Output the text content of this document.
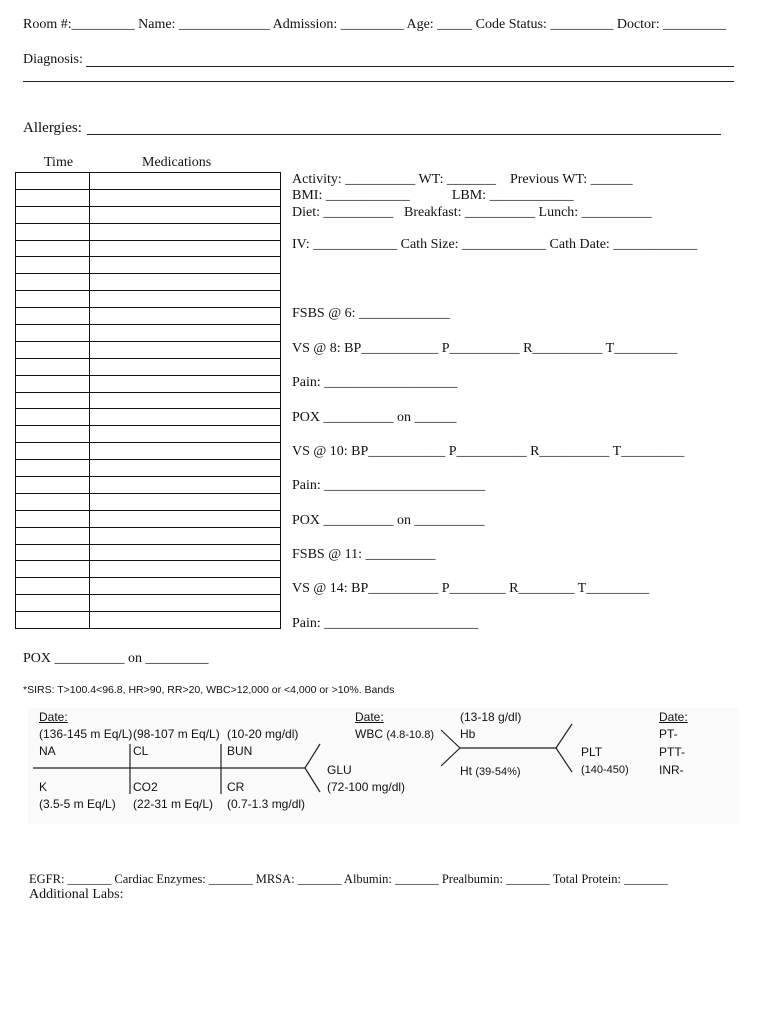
Room #:_________ Name: _____________ Admission: _________ Age: _____ Code Status: _________ Doctor: _________
Diagnosis:
Allergies:
Time	Medications

Activity: __________ WT: _______    Previous WT: ______
BMI: ____________            LBM: ____________
Diet: __________   Breakfast: __________ Lunch: __________
IV: ____________ Cath Size: ____________ Cath Date: ____________
FSBS @ 6: _____________
VS @ 8: BP___________ P__________ R__________ T_________
Pain: ___________________
POX __________ on ______
VS @ 10: BP___________ P__________ R__________ T_________
Pain: _______________________
POX __________ on __________
FSBS @ 11: __________
VS @ 14: BP__________ P________ R________ T_________
Pain: ______________________
POX __________ on _________
*SIRS: T>100.4<96.8, HR>90, RR>20, WBC>12,000 or <4,000 or >10%. Bands
Date:
(136-145 m Eq/L) (98-107 m Eq/L) (10-20 mg/dl)
NA	CL	BUN
GLU
(72-100 mg/dl)
K	CO2	CR
(3.5-5 m Eq/L) (22-31 m Eq/L) (0.7-1.3 mg/dl)
Date:
WBC (4.8-10.8)
(13-18 g/dl)
Hb
Ht (39-54%)
PLT
(140-450)
Date:
PT-
PTT-
INR-
EGFR: _______ Cardiac Enzymes: _______ MRSA: _______ Albumin: _______ Prealbumin: _______ Total Protein: _______
Additional Labs:
